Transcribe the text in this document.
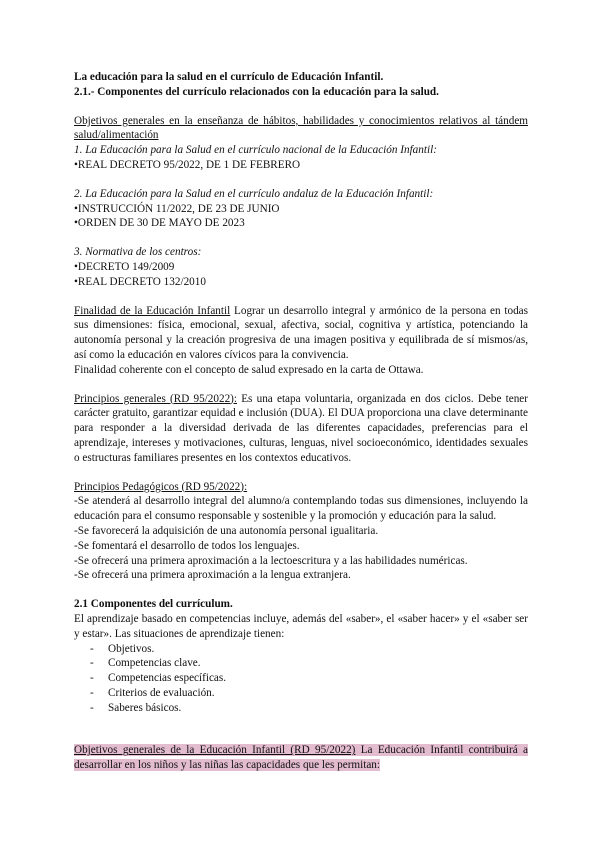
La educación para la salud en el currículo de Educación Infantil.
2.1.- Componentes del currículo relacionados con la educación para la salud.
Objetivos generales en la enseñanza de hábitos, habilidades y conocimientos relativos al tándem salud/alimentación
1. La Educación para la Salud en el currículo nacional de la Educación Infantil:
•REAL DECRETO 95/2022, DE 1 DE FEBRERO
2. La Educación para la Salud en el currículo andaluz de la Educación Infantil:
•INSTRUCCIÓN 11/2022, DE 23 DE JUNIO
•ORDEN DE 30 DE MAYO DE 2023
3. Normativa de los centros:
•DECRETO 149/2009
•REAL DECRETO 132/2010
Finalidad de la Educación Infantil Lograr un desarrollo integral y armónico de la persona en todas sus dimensiones: física, emocional, sexual, afectiva, social, cognitiva y artística, potenciando la autonomía personal y la creación progresiva de una imagen positiva y equilibrada de sí mismos/as, así como la educación en valores cívicos para la convivencia.
Finalidad coherente con el concepto de salud expresado en la carta de Ottawa.
Principios generales (RD 95/2022): Es una etapa voluntaria, organizada en dos ciclos. Debe tener carácter gratuito, garantizar equidad e inclusión (DUA). El DUA proporciona una clave determinante para responder a la diversidad derivada de las diferentes capacidades, preferencias para el aprendizaje, intereses y motivaciones, culturas, lenguas, nivel socioeconómico, identidades sexuales o estructuras familiares presentes en los contextos educativos.
Principios Pedagógicos (RD 95/2022):
-Se atenderá al desarrollo integral del alumno/a contemplando todas sus dimensiones, incluyendo la educación para el consumo responsable y sostenible y la promoción y educación para la salud.
-Se favorecerá la adquisición de una autonomía personal igualitaria.
-Se fomentará el desarrollo de todos los lenguajes.
-Se ofrecerá una primera aproximación a la lectoescritura y a las habilidades numéricas.
-Se ofrecerá una primera aproximación a la lengua extranjera.
2.1 Componentes del currículum.
El aprendizaje basado en competencias incluye, además del «saber», el «saber hacer» y el «saber ser y estar». Las situaciones de aprendizaje tienen:
- Objetivos.
- Competencias clave.
- Competencias específicas.
- Criterios de evaluación.
- Saberes básicos.
Objetivos generales de la Educación Infantil (RD 95/2022) La Educación Infantil contribuirá a desarrollar en los niños y las niñas las capacidades que les permitan:
